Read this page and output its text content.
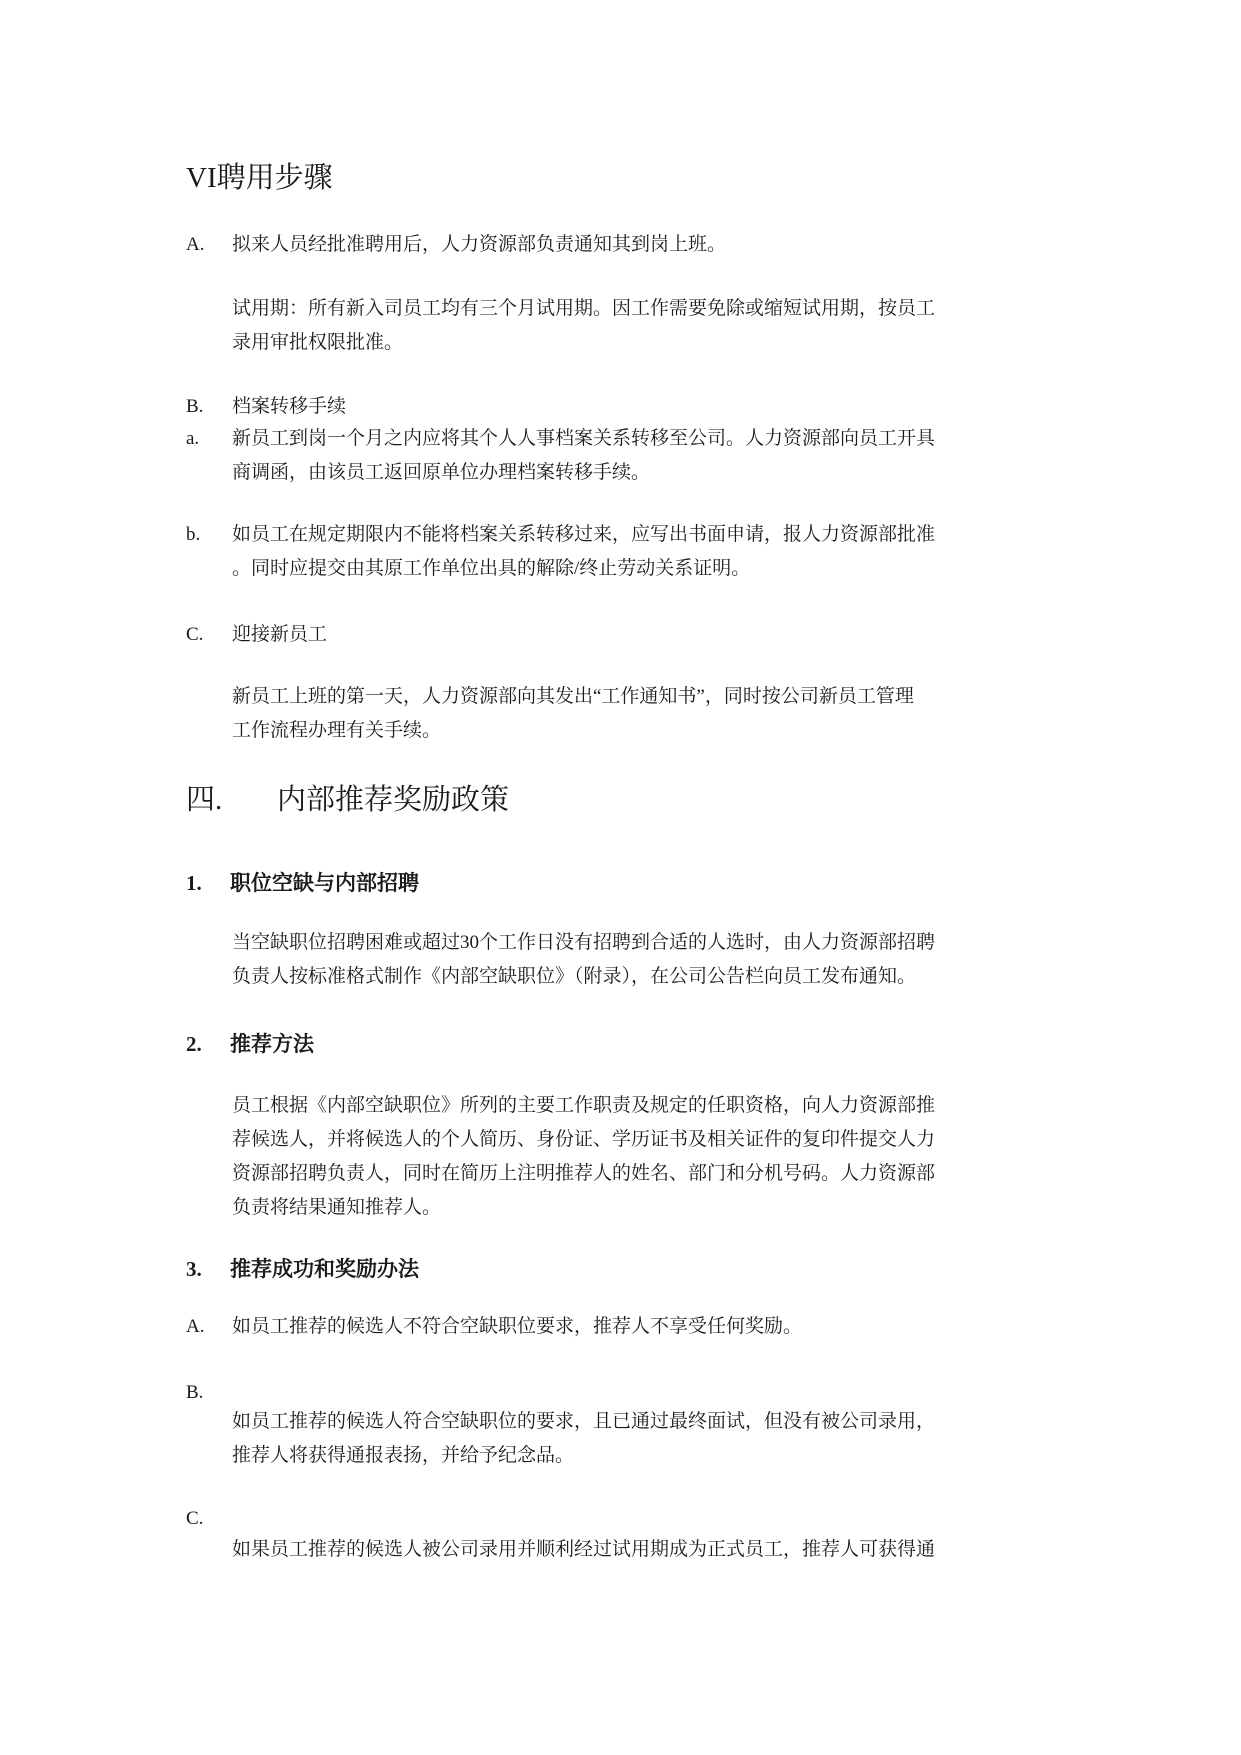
VI聘用步骤
A. 拟来人员经批准聘用后，人力资源部负责通知其到岗上班。
试用期：所有新入司员工均有三个月试用期。因工作需要免除或缩短试用期，按员工
录用审批权限批准。
B. 档案转移手续
a. 新员工到岗一个月之内应将其个人人事档案关系转移至公司。人力资源部向员工开具
商调函，由该员工返回原单位办理档案转移手续。
b. 如员工在规定期限内不能将档案关系转移过来，应写出书面申请，报人力资源部批准
。同时应提交由其原工作单位出具的解除/终止劳动关系证明。
C. 迎接新员工
新员工上班的第一天，人力资源部向其发出“工作通知书”，同时按公司新员工管理
工作流程办理有关手续。
四. 内部推荐奖励政策
1. 职位空缺与内部招聘
当空缺职位招聘困难或超过30个工作日没有招聘到合适的人选时，由人力资源部招聘
负责人按标准格式制作《内部空缺职位》（附录），在公司公告栏向员工发布通知。
2. 推荐方法
员工根据《内部空缺职位》所列的主要工作职责及规定的任职资格，向人力资源部推
荐候选人，并将候选人的个人简历、身份证、学历证书及相关证件的复印件提交人力
资源部招聘负责人，同时在简历上注明推荐人的姓名、部门和分机号码。人力资源部
负责将结果通知推荐人。
3. 推荐成功和奖励办法
A. 如员工推荐的候选人不符合空缺职位要求，推荐人不享受任何奖励。
B.
如员工推荐的候选人符合空缺职位的要求，且已通过最终面试，但没有被公司录用，
推荐人将获得通报表扬，并给予纪念品。
C.
如果员工推荐的候选人被公司录用并顺利经过试用期成为正式员工，推荐人可获得通
